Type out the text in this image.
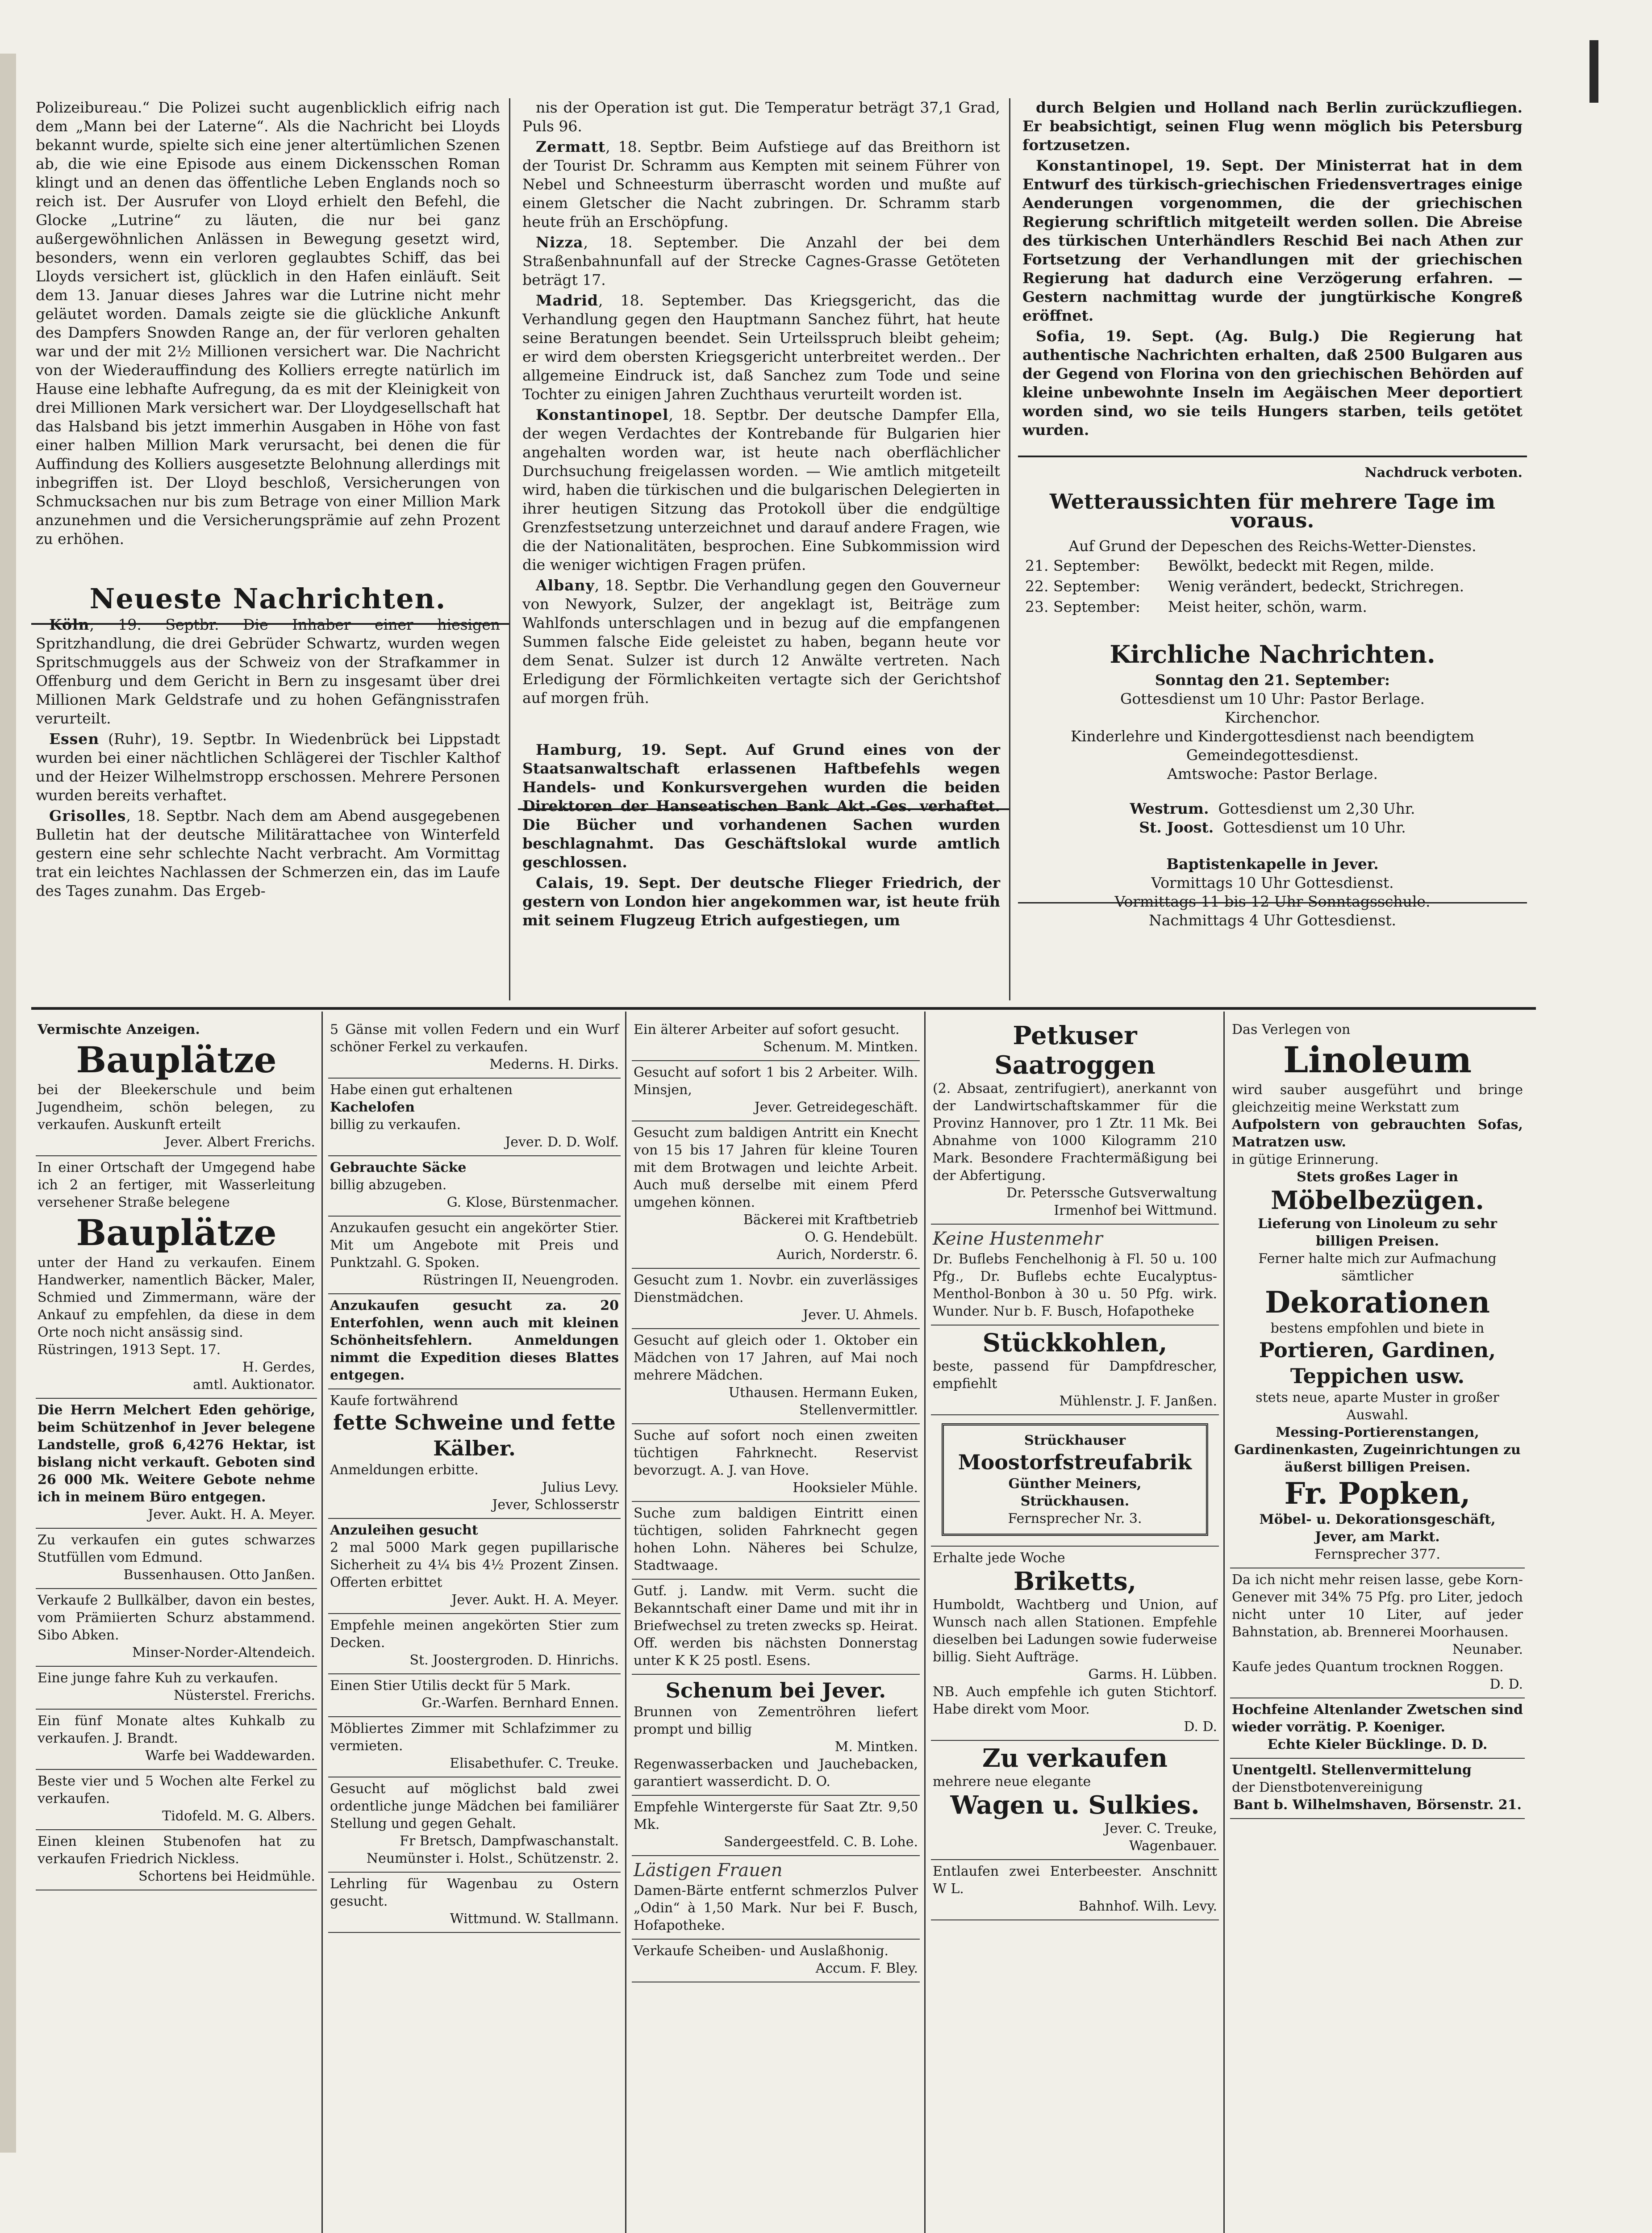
Polizeibureau.“ Die Polizei sucht augenblicklich eifrig nach dem „Mann bei der Laterne“. Als die Nachricht bei Lloyds bekannt wurde, spielte sich eine jener altertümlichen Szenen ab, die wie eine Episode aus einem Dickensschen Roman klingt und an denen das öffentliche Leben Englands noch so reich ist. Der Ausrufer von Lloyd erhielt den Befehl, die Glocke „Lutrine“ zu läuten, die nur bei ganz außergewöhnlichen Anlässen in Bewegung gesetzt wird, besonders, wenn ein verloren geglaubtes Schiff, das bei Lloyds versichert ist, glücklich in den Hafen einläuft. Seit dem 13. Januar dieses Jahres war die Lutrine nicht mehr geläutet worden. Damals zeigte sie die glückliche Ankunft des Dampfers Snowden Range an, der für verloren gehalten war und der mit 2½ Millionen versichert war. Die Nachricht von der Wiederauffindung des Kolliers erregte natürlich im Hause eine lebhafte Aufregung, da es mit der Kleinigkeit von drei Millionen Mark versichert war. Der Lloydgesellschaft hat das Halsband bis jetzt immerhin Ausgaben in Höhe von fast einer halben Million Mark verursacht, bei denen die für Auffindung des Kolliers ausgesetzte Belohnung allerdings mit inbegriffen ist. Der Lloyd beschloß, Versicherungen von Schmucksachen nur bis zum Betrage von einer Million Mark anzunehmen und die Versicherungsprämie auf zehn Prozent zu erhöhen.

Neueste Nachrichten.

Köln, 19. Septbr. Die Inhaber einer hiesigen Spritzhandlung, die drei Gebrüder Schwartz, wurden wegen Spritschmuggels aus der Schweiz von der Strafkammer in Offenburg und dem Gericht in Bern zu insgesamt über drei Millionen Mark Geldstrafe und zu hohen Gefängnisstrafen verurteilt.

Essen (Ruhr), 19. Septbr. In Wiedenbrück bei Lippstadt wurden bei einer nächtlichen Schlägerei der Tischler Kalthof und der Heizer Wilhelmstropp erschossen. Mehrere Personen wurden bereits verhaftet.

Grisolles, 18. Septbr. Nach dem am Abend ausgegebenen Bulletin hat der deutsche Militärattachee von Winterfeld gestern eine sehr schlechte Nacht verbracht. Am Vormittag trat ein leichtes Nachlassen der Schmerzen ein, das im Laufe des Tages zunahm. Das Ergeb-

nis der Operation ist gut. Die Temperatur beträgt 37,1 Grad, Puls 96.

Zermatt, 18. Septbr. Beim Aufstiege auf das Breithorn ist der Tourist Dr. Schramm aus Kempten mit seinem Führer von Nebel und Schneesturm überrascht worden und mußte auf einem Gletscher die Nacht zubringen. Dr. Schramm starb heute früh an Erschöpfung.

Nizza, 18. September. Die Anzahl der bei dem Straßenbahnunfall auf der Strecke Cagnes-Grasse Getöteten beträgt 17.

Madrid, 18. September. Das Kriegsgericht, das die Verhandlung gegen den Hauptmann Sanchez führt, hat heute seine Beratungen beendet. Sein Urteilsspruch bleibt geheim; er wird dem obersten Kriegsgericht unterbreitet werden.. Der allgemeine Eindruck ist, daß Sanchez zum Tode und seine Tochter zu einigen Jahren Zuchthaus verurteilt worden ist.

Konstantinopel, 18. Septbr. Der deutsche Dampfer Ella, der wegen Verdachtes der Kontrebande für Bulgarien hier angehalten worden war, ist heute nach oberflächlicher Durchsuchung freigelassen worden. — Wie amtlich mitgeteilt wird, haben die türkischen und die bulgarischen Delegierten in ihrer heutigen Sitzung das Protokoll über die endgültige Grenzfestsetzung unterzeichnet und darauf andere Fragen, wie die der Nationalitäten, besprochen. Eine Subkommission wird die weniger wichtigen Fragen prüfen.

Albany, 18. Septbr. Die Verhandlung gegen den Gouverneur von Newyork, Sulzer, der angeklagt ist, Beiträge zum Wahlfonds unterschlagen und in bezug auf die empfangenen Summen falsche Eide geleistet zu haben, begann heute vor dem Senat. Sulzer ist durch 12 Anwälte vertreten. Nach Erledigung der Förmlichkeiten vertagte sich der Gerichtshof auf morgen früh.

Hamburg, 19. Sept. Auf Grund eines von der Staatsanwaltschaft erlassenen Haftbefehls wegen Handels- und Konkursvergehen wurden die beiden Direktoren der Hanseatischen Bank Akt.-Ges. verhaftet. Die Bücher und vorhandenen Sachen wurden beschlagnahmt. Das Geschäftslokal wurde amtlich geschlossen.

Calais, 19. Sept. Der deutsche Flieger Friedrich, der gestern von London hier angekommen war, ist heute früh mit seinem Flugzeug Etrich aufgestiegen, um

durch Belgien und Holland nach Berlin zurückzufliegen. Er beabsichtigt, seinen Flug wenn möglich bis Petersburg fortzusetzen.

Konstantinopel, 19. Sept. Der Ministerrat hat in dem Entwurf des türkisch-griechischen Friedensvertrages einige Aenderungen vorgenommen, die der griechischen Regierung schriftlich mitgeteilt werden sollen. Die Abreise des türkischen Unterhändlers Reschid Bei nach Athen zur Fortsetzung der Verhandlungen mit der griechischen Regierung hat dadurch eine Verzögerung erfahren. — Gestern nachmittag wurde der jungtürkische Kongreß eröffnet.

Sofia, 19. Sept. (Ag. Bulg.) Die Regierung hat authentische Nachrichten erhalten, daß 2500 Bulgaren aus der Gegend von Florina von den griechischen Behörden auf kleine unbewohnte Inseln im Aegäischen Meer deportiert worden sind, wo sie teils Hungers starben, teils getötet wurden.

Nachdruck verboten.
Wetteraussichten für mehrere Tage im voraus.
Auf Grund der Depeschen des Reichs-Wetter-Dienstes.
21. September:	Bewölkt, bedeckt mit Regen, milde.
22. September:	Wenig verändert, bedeckt, Strichregen.
23. September:	Meist heiter, schön, warm.
Kirchliche Nachrichten.
Sonntag den 21. September:
Gottesdienst um 10 Uhr: Pastor Berlage.
Kirchenchor.
Kinderlehre und Kindergottesdienst nach beendigtem Gemeindegottesdienst.
Amtswoche: Pastor Berlage.
Westrum. Gottesdienst um 2,30 Uhr.
St. Joost. Gottesdienst um 10 Uhr.
Baptistenkapelle in Jever.
Vormittags 10 Uhr Gottesdienst.
Vormittags 11 bis 12 Uhr Sonntagsschule.
Nachmittags 4 Uhr Gottesdienst.
Vermischte Anzeigen.
Bauplätze
bei der Bleekerschule und beim Jugendheim, schön belegen, zu verkaufen. Auskunft erteilt
Jever. Albert Frerichs.
In einer Ortschaft der Umgegend habe ich 2 an fertiger, mit Wasserleitung versehener Straße belegene
Bauplätze
unter der Hand zu verkaufen. Einem Handwerker, namentlich Bäcker, Maler, Schmied und Zimmermann, wäre der Ankauf zu empfehlen, da diese in dem Orte noch nicht ansässig sind.
Rüstringen, 1913 Sept. 17.
H. Gerdes,
amtl. Auktionator.
Die Herrn Melchert Eden gehörige, beim Schützenhof in Jever belegene Landstelle, groß 6,4276 Hektar, ist bislang nicht verkauft. Geboten sind 26 000 Mk. Weitere Gebote nehme ich in meinem Büro entgegen.
Jever. Aukt. H. A. Meyer.
Zu verkaufen ein gutes schwarzes Stutfüllen vom Edmund.
Bussenhausen. Otto Janßen.
Verkaufe 2 Bullkälber, davon ein bestes, vom Prämiierten Schurz abstammend. Sibo Abken.
Minser-Norder-Altendeich.
Eine junge fahre Kuh zu verkaufen.
Nüsterstel. Frerichs.
Ein fünf Monate altes Kuhkalb zu verkaufen. J. Brandt.
Warfe bei Waddewarden.
Beste vier und 5 Wochen alte Ferkel zu verkaufen.
Tidofeld. M. G. Albers.
Einen kleinen Stubenofen hat zu verkaufen Friedrich Nickless.
Schortens bei Heidmühle.
5 Gänse mit vollen Federn und ein Wurf schöner Ferkel zu verkaufen.
Mederns. H. Dirks.
Habe einen gut erhaltenen
Kachelofen
billig zu verkaufen.
Jever. D. D. Wolf.
Gebrauchte Säcke
billig abzugeben.
G. Klose, Bürstenmacher.
Anzukaufen gesucht ein angekörter Stier. Mit um Angebote mit Preis und Punktzahl. G. Spoken.
Rüstringen II, Neuengroden.
Anzukaufen gesucht za. 20 Enterfohlen, wenn auch mit kleinen Schönheitsfehlern. Anmeldungen nimmt die Expedition dieses Blattes entgegen.
Kaufe fortwährend
fette Schweine und fette Kälber.
Anmeldungen erbitte.
Julius Levy.
Jever, Schlosserstr
Anzuleihen gesucht
2 mal 5000 Mark gegen pupillarische Sicherheit zu 4¼ bis 4½ Prozent Zinsen. Offerten erbittet
Jever. Aukt. H. A. Meyer.
Empfehle meinen angekörten Stier zum Decken.
St. Joostergroden. D. Hinrichs.
Einen Stier Utilis deckt für 5 Mark.
Gr.-Warfen. Bernhard Ennen.
Möbliertes Zimmer mit Schlafzimmer zu vermieten.
Elisabethufer. C. Treuke.
Gesucht auf möglichst bald zwei ordentliche junge Mädchen bei familiärer Stellung und gegen Gehalt.
Fr Bretsch, Dampfwaschanstalt.
Neumünster i. Holst., Schützenstr. 2.
Lehrling für Wagenbau zu Ostern gesucht.
Wittmund. W. Stallmann.
Ein älterer Arbeiter auf sofort gesucht.
Schenum. M. Mintken.
Gesucht auf sofort 1 bis 2 Arbeiter. Wilh. Minsjen,
Jever. Getreidegeschäft.
Gesucht zum baldigen Antritt ein Knecht von 15 bis 17 Jahren für kleine Touren mit dem Brotwagen und leichte Arbeit. Auch muß derselbe mit einem Pferd umgehen können.
Bäckerei mit Kraftbetrieb
O. G. Hendebült.
Aurich, Norderstr. 6.
Gesucht zum 1. Novbr. ein zuverlässiges Dienstmädchen.
Jever. U. Ahmels.
Gesucht auf gleich oder 1. Oktober ein Mädchen von 17 Jahren, auf Mai noch mehrere Mädchen.
Uthausen. Hermann Euken,
Stellenvermittler.
Suche auf sofort noch einen zweiten tüchtigen Fahrknecht. Reservist bevorzugt. A. J. van Hove.
Hooksieler Mühle.
Suche zum baldigen Eintritt einen tüchtigen, soliden Fahrknecht gegen hohen Lohn. Näheres bei Schulze, Stadtwaage.
Gutf. j. Landw. mit Verm. sucht die Bekanntschaft einer Dame und mit ihr in Briefwechsel zu treten zwecks sp. Heirat. Off. werden bis nächsten Donnerstag unter K K 25 postl. Esens.
Schenum bei Jever.
Brunnen von Zementröhren liefert prompt und billig
M. Mintken.
Regenwasserbacken und Jauchebacken, garantiert wasserdicht. D. O.
Empfehle Wintergerste für Saat Ztr. 9,50 Mk.
Sandergeestfeld. C. B. Lohe.
Lästigen Frauen
Damen-Bärte entfernt schmerzlos Pulver „Odin“ à 1,50 Mark. Nur bei F. Busch, Hofapotheke.
Verkaufe Scheiben- und Auslaßhonig.
Accum. F. Bley.
Petkuser Saatroggen
(2. Absaat, zentrifugiert), anerkannt von der Landwirtschaftskammer für die Provinz Hannover, pro 1 Ztr. 11 Mk. Bei Abnahme von 1000 Kilogramm 210 Mark. Besondere Frachtermäßigung bei der Abfertigung.
Dr. Peterssche Gutsverwaltung
Irmenhof bei Wittmund.
Keine Hustenmehr
Dr. Buflebs Fenchelhonig à Fl. 50 u. 100 Pfg., Dr. Buflebs echte Eucalyptus-Menthol-Bonbon à 30 u. 50 Pfg. wirk. Wunder. Nur b. F. Busch, Hofapotheke
Stückkohlen,
beste, passend für Dampfdrescher, empfiehlt
Mühlenstr. J. F. Janßen.
Strückhauser
Moostorfstreufabrik
Günther Meiners,
Strückhausen.
Fernsprecher Nr. 3.
Erhalte jede Woche
Briketts,
Humboldt, Wachtberg und Union, auf Wunsch nach allen Stationen. Empfehle dieselben bei Ladungen sowie fuderweise billig. Sieht Aufträge.
Garms. H. Lübben.
NB. Auch empfehle ich guten Stichtorf. Habe direkt vom Moor.
D. D.
Zu verkaufen
mehrere neue elegante
Wagen u. Sulkies.
Jever. C. Treuke,
Wagenbauer.
Entlaufen zwei Enterbeester. Anschnitt W L.
Bahnhof. Wilh. Levy.
Das Verlegen von
Linoleum
wird sauber ausgeführt und bringe gleichzeitig meine Werkstatt zum
Aufpolstern von gebrauchten Sofas, Matratzen usw.
in gütige Erinnerung.
Stets großes Lager in
Möbelbezügen.
Lieferung von Linoleum zu sehr billigen Preisen.
Ferner halte mich zur Aufmachung sämtlicher
Dekorationen
bestens empfohlen und biete in
Portieren, Gardinen, Teppichen usw.
stets neue, aparte Muster in großer Auswahl.
Messing-Portierenstangen, Gardinenkasten, Zugeinrichtungen zu äußerst billigen Preisen.
Fr. Popken,
Möbel- u. Dekorationsgeschäft,
Jever, am Markt.
Fernsprecher 377.
Da ich nicht mehr reisen lasse, gebe Korn-Genever mit 34% 75 Pfg. pro Liter, jedoch nicht unter 10 Liter, auf jeder Bahnstation, ab. Brennerei Moorhausen.
Neunaber.
Kaufe jedes Quantum trocknen Roggen.
D. D.
Hochfeine Altenlander Zwetschen sind wieder vorrätig. P. Koeniger.
Echte Kieler Bücklinge. D. D.
Unentgeltl. Stellenvermittelung
der Dienstbotenvereinigung
Bant b. Wilhelmshaven, Börsenstr. 21.
